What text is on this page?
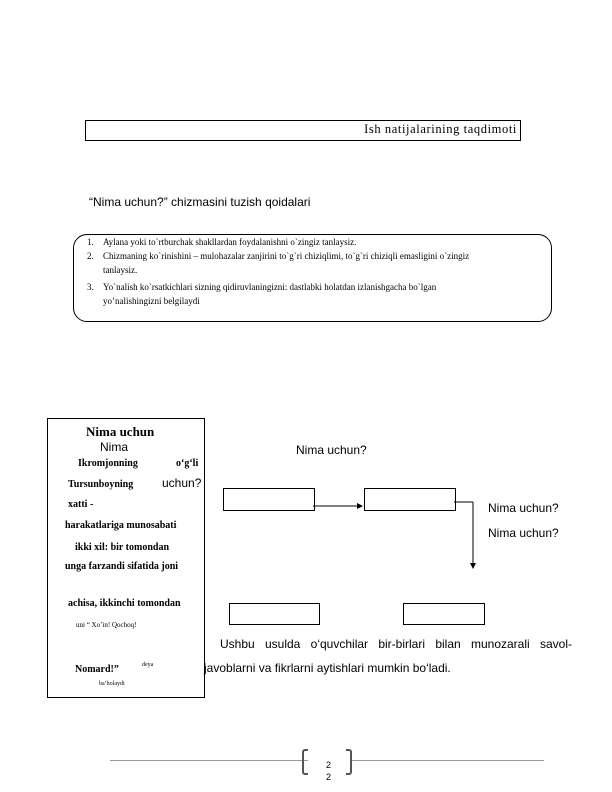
Ish natijalarining taqdimoti
“Nima uchun?” chizmasini tuzish qoidalari
1. Aylana yoki to`rtburchak shakllardan foydalanishni o`zingiz tanlaysiz.
2. Chizmaning ko`rinishini – mulohazalar zanjirini to`g`ri chiziqlimi, to`g`ri chiziqli emasligini o`zingiz
tanlaysiz.
3. Yo`nalish ko`rsatkichlari sizning qidiruvlaningizni: dastlabki holatdan izlanishgacha bo`lgan
yo’nalishingizni belgilaydi
Nima uchun
Nima
Ikromjonning	o‘g‘li
Tursunboyning uchun?
xatti -
harakatlariga munosabati
ikki xil: bir tomondan
unga farzandi sifatida joni
achisa, ikkinchi tomondan
uni “ Xo’in! Qochoq!
Nomard!”	deya
ba’holaydi
Nima uchun?
Nima uchun?
Nima uchun?
Ushbu usulda o‘quvchilar bir-birlari bilan munozarali savol-javoblarni va fikrlarni aytishlari mumkin bo‘ladi.
2
2
